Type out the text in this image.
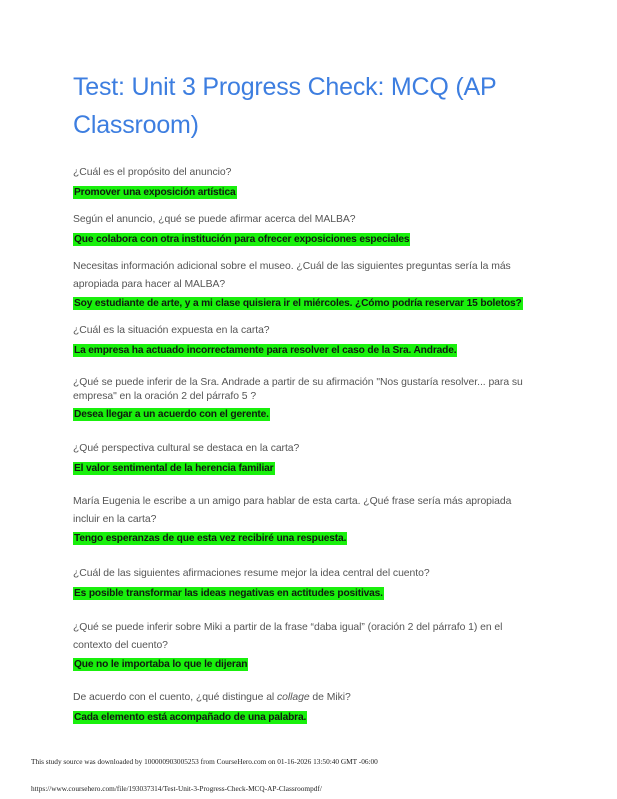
Test: Unit 3 Progress Check: MCQ (AP Classroom)

¿Cuál es el propósito del anuncio?

Promover una exposición artística

Según el anuncio, ¿qué se puede afirmar acerca del MALBA?

Que colabora con otra institución para ofrecer exposiciones especiales

Necesitas información adicional sobre el museo. ¿Cuál de las siguientes preguntas sería la más apropiada para hacer al MALBA?

Soy estudiante de arte, y a mi clase quisiera ir el miércoles. ¿Cómo podría reservar 15 boletos?

¿Cuál es la situación expuesta en la carta?

La empresa ha actuado incorrectamente para resolver el caso de la Sra. Andrade.

¿Qué se puede inferir de la Sra. Andrade a partir de su afirmación "Nos gustaría resolver... para su empresa" en la oración 2 del párrafo 5 ?

Desea llegar a un acuerdo con el gerente.

¿Qué perspectiva cultural se destaca en la carta?

El valor sentimental de la herencia familiar

María Eugenia le escribe a un amigo para hablar de esta carta. ¿Qué frase sería más apropiada incluir en la carta?

Tengo esperanzas de que esta vez recibiré una respuesta.

¿Cuál de las siguientes afirmaciones resume mejor la idea central del cuento?

Es posible transformar las ideas negativas en actitudes positivas.

¿Qué se puede inferir sobre Miki a partir de la frase “daba igual” (oración 2 del párrafo 1) en el contexto del cuento?

Que no le importaba lo que le dijeran

De acuerdo con el cuento, ¿qué distingue al collage de Miki?

Cada elemento está acompañado de una palabra.
This study source was downloaded by 100000903005253 from CourseHero.com on 01-16-2026 13:50:40 GMT -06:00
https://www.coursehero.com/file/193037314/Test-Unit-3-Progress-Check-MCQ-AP-Classroompdf/
